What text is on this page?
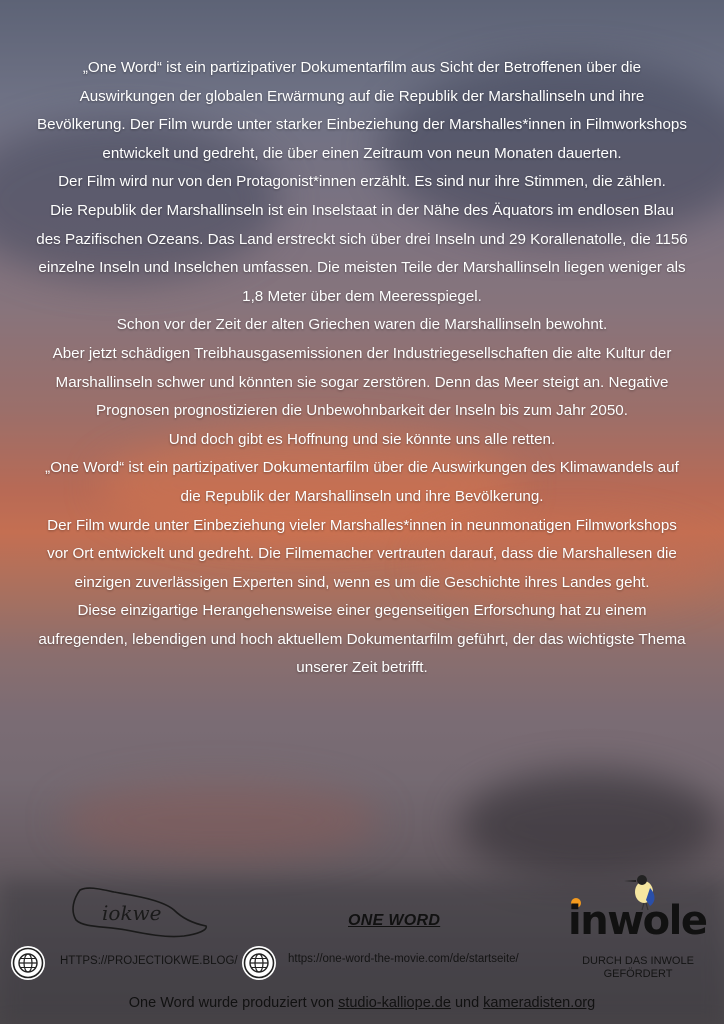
„One Word“ ist ein partizipativer Dokumentarfilm aus Sicht der Betroffenen über die Auswirkungen der globalen Erwärmung auf die Republik der Marshallinseln und ihre Bevölkerung. Der Film wurde unter starker Einbeziehung der Marshalles*innen in Filmworkshops entwickelt und gedreht, die über einen Zeitraum von neun Monaten dauerten.

Der Film wird nur von den Protagonist*innen erzählt. Es sind nur ihre Stimmen, die zählen.

Die Republik der Marshallinseln ist ein Inselstaat in der Nähe des Äquators im endlosen Blau des Pazifischen Ozeans. Das Land erstreckt sich über drei Inseln und 29 Korallenatolle, die 1156 einzelne Inseln und Inselchen umfassen. Die meisten Teile der Marshallinseln liegen weniger als 1,8 Meter über dem Meeresspiegel.

Schon vor der Zeit der alten Griechen waren die Marshallinseln bewohnt.

Aber jetzt schädigen Treibhausgasemissionen der Industriegesellschaften die alte Kultur der Marshallinseln schwer und könnten sie sogar zerstören. Denn das Meer steigt an. Negative Prognosen prognostizieren die Unbewohnbarkeit der Inseln bis zum Jahr 2050.

Und doch gibt es Hoffnung und sie könnte uns alle retten.

„One Word“ ist ein partizipativer Dokumentarfilm über die Auswirkungen des Klimawandels auf die Republik der Marshallinseln und ihre Bevölkerung.

Der Film wurde unter Einbeziehung vieler Marshalles*innen in neunmonatigen Filmworkshops vor Ort entwickelt und gedreht. Die Filmemacher vertrauten darauf, dass die Marshallesen die einzigen zuverlässigen Experten sind, wenn es um die Geschichte ihres Landes geht.

Diese einzigartige Herangehensweise einer gegenseitigen Erforschung hat zu einem aufregenden, lebendigen und hoch aktuellem Dokumentarfilm geführt, der das wichtigste Thema unserer Zeit betrifft.

iokwe	ONE WORD	inwole
HTTPS://PROJECTIOKWE.BLOG/	https://one-word-the-movie.com/de/startseite/	DURCH DAS INWOLE
GEFÖRDERT
One Word wurde produziert von studio-kalliope.de und kameradisten.org
